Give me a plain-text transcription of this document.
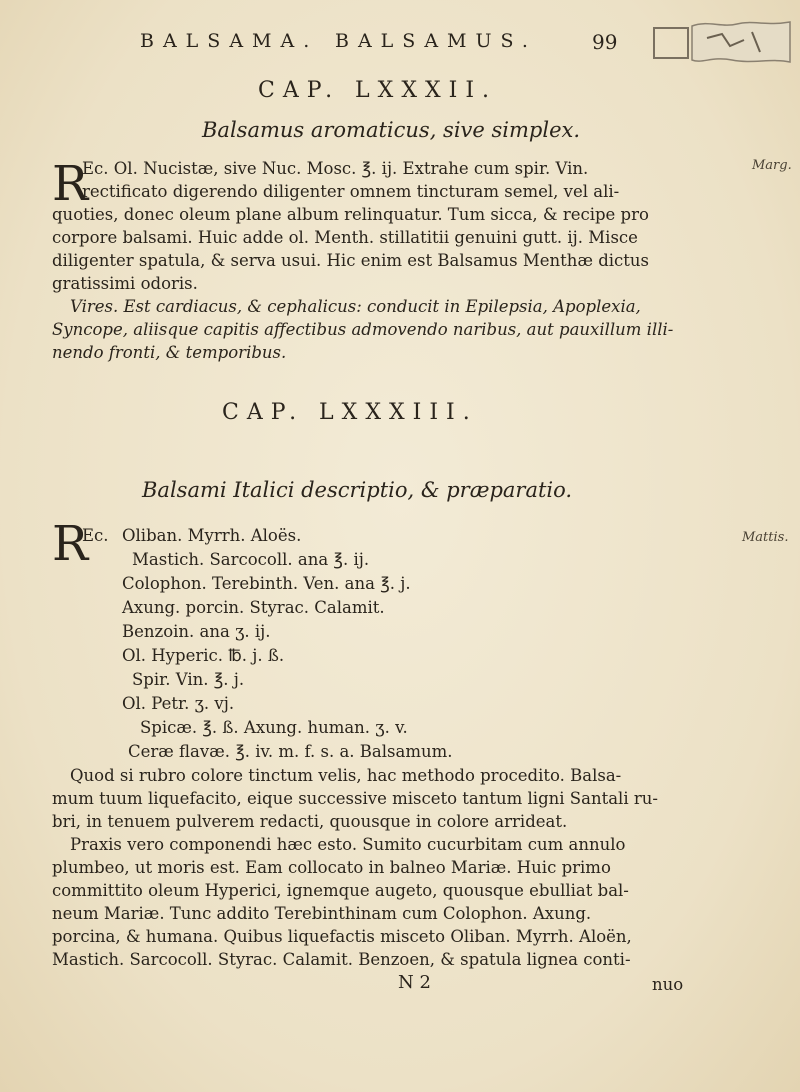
BALSAMA. BALSAMUS.	99
CAP. LXXXII.
Balsamus aromaticus, sive simplex.
R	Marg.
Ec. Ol. Nucistæ, sive Nuc. Mosc. ℥. ij. Extrahe cum spir. Vin.
rectificato digerendo diligenter omnem tincturam semel, vel ali-
quoties, donec oleum plane album relinquatur. Tum sicca, & recipe pro
corpore balsami. Huic adde ol. Menth. stillatitii genuini gutt. ij. Misce
diligenter spatula, & serva usui. Hic enim est Balsamus Menthæ dictus
gratissimi odoris.
Vires. Est cardiacus, & cephalicus: conducit in Epilepsia, Apoplexia,
Syncope, aliisque capitis affectibus admovendo naribus, aut pauxillum illi-
nendo fronti, & temporibus.
CAP. LXXXIII.
Balsami Italici descriptio, & præparatio.
R
Ec.	Mattis.
Oliban. Myrrh. Aloës.
Mastich. Sarcocoll. ana ℥. ij.
Colophon. Terebinth. Ven. ana ℥. j.
Axung. porcin. Styrac. Calamit.
Benzoin. ana ʒ. ij.
Ol. Hyperic. ℔. j. ß.
Spir. Vin. ℥. j.
Ol. Petr. ʒ. vj.
Spicæ. ℥. ß. Axung. human. ʒ. v.
Ceræ flavæ. ℥. iv. m. f. s. a. Balsamum.
Quod si rubro colore tinctum velis, hac methodo procedito. Balsa-
mum tuum liquefacito, eique successive misceto tantum ligni Santali ru-
bri, in tenuem pulverem redacti, quousque in colore arrideat.
Praxis vero componendi hæc esto. Sumito cucurbitam cum annulo
plumbeo, ut moris est. Eam collocato in balneo Mariæ. Huic primo
committito oleum Hyperici, ignemque augeto, quousque ebulliat bal-
neum Mariæ. Tunc addito Terebinthinam cum Colophon. Axung.
porcina, & humana. Quibus liquefactis misceto Oliban. Myrrh. Aloën,
Mastich. Sarcocoll. Styrac. Calamit. Benzoen, & spatula lignea conti-
N 2	nuo
